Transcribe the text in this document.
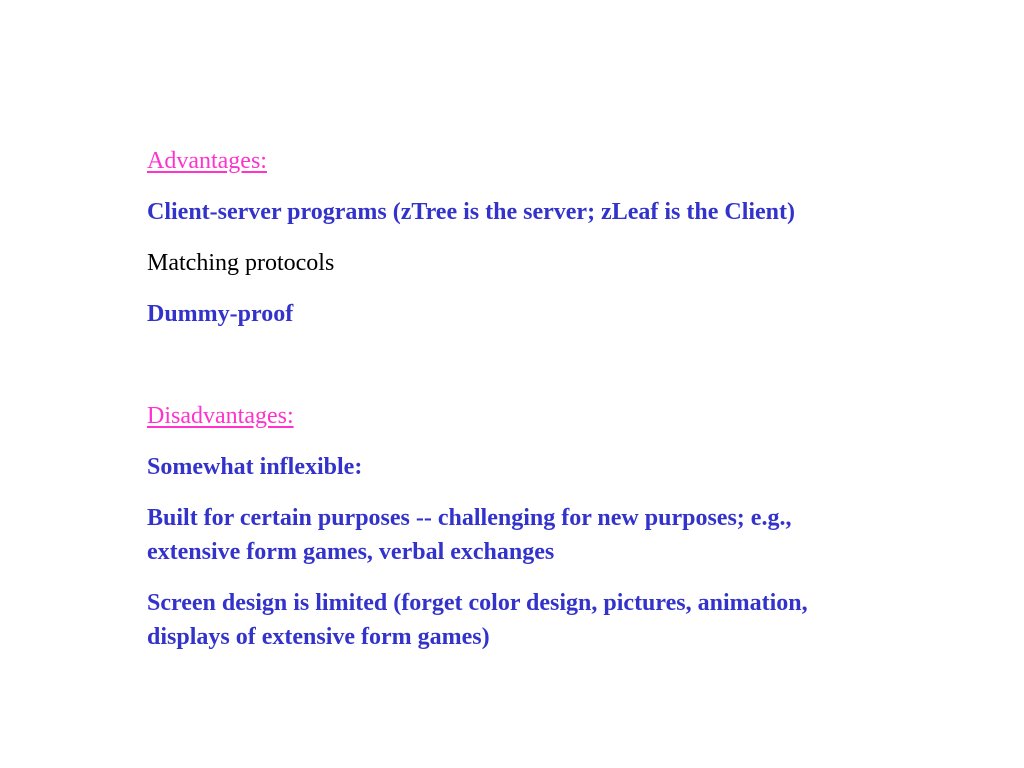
Advantages:

Client-server programs (zTree is the server; zLeaf is the Client)

Matching protocols

Dummy-proof

Disadvantages:

Somewhat inflexible:

Built for certain purposes -- challenging for new purposes; e.g., extensive form games, verbal exchanges

Screen design is limited (forget color design, pictures, animation, displays of extensive form games)
